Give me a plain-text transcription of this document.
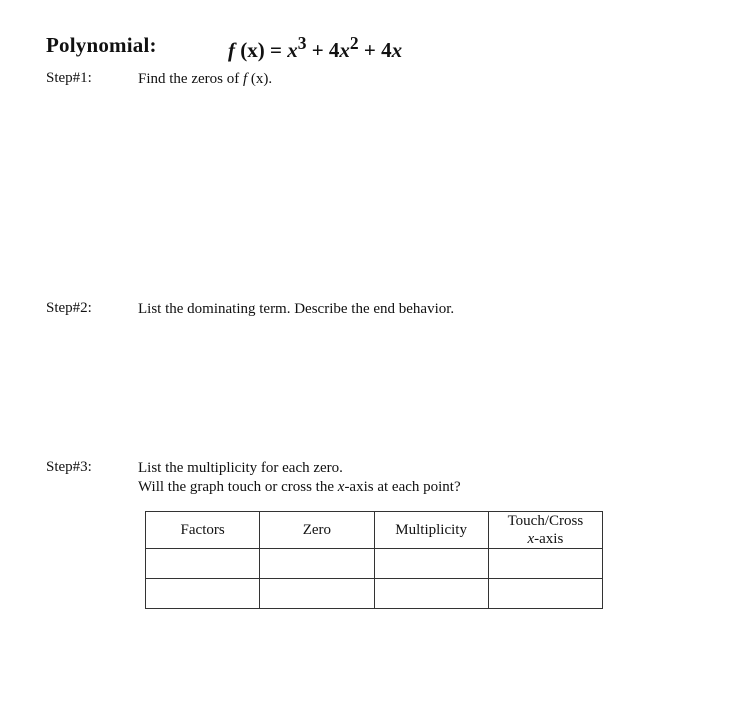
Polynomial:	f $(x) = x^3 + 4x^2 + 4x$
Step#1:	Find the zeros of f (x).
Step#2:	List the dominating term. Describe the end behavior.
Step#3:	List the multiplicity for each zero.
Will the graph touch or cross the x-axis at each point?
Factors	Zero	Multiplicity	Touch/Cross
x-axis
